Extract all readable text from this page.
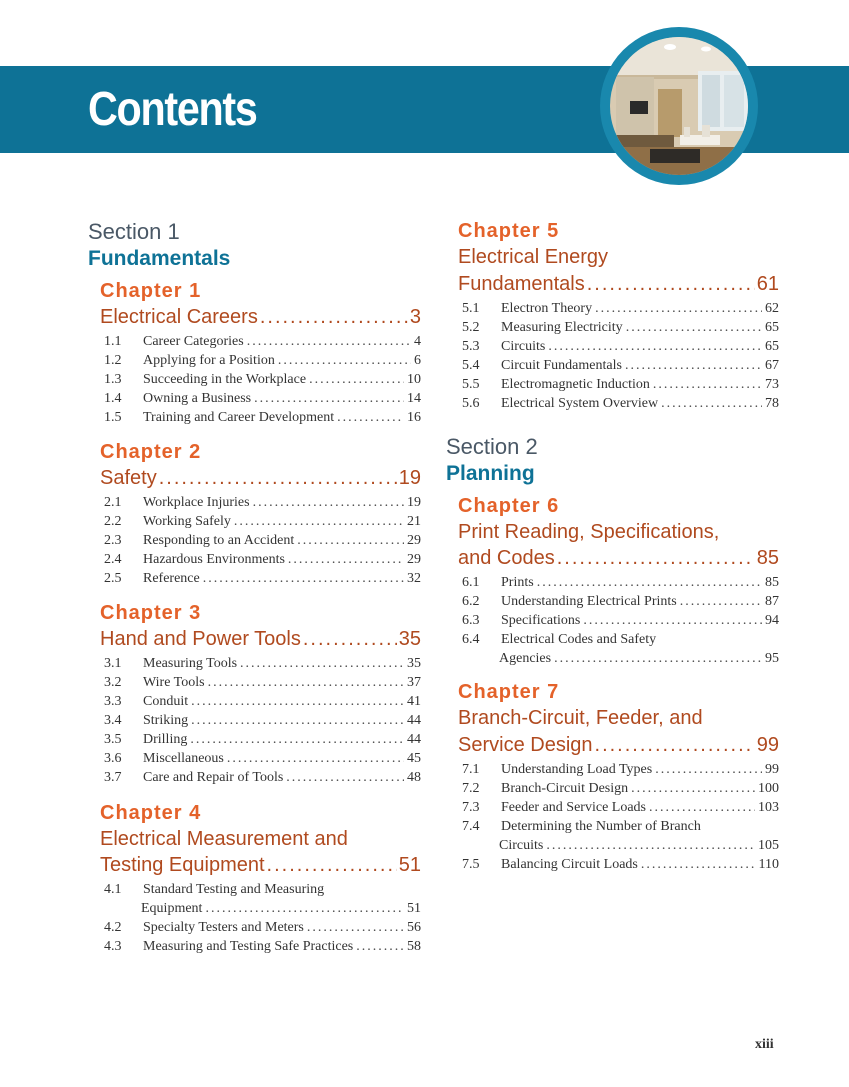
Contents
Section 1
Fundamentals
Chapter 1
Electrical Careers .....	3
1.1	Career Categories .....	4
1.2	Applying for a Position .....	6
1.3	Succeeding in the Workplace .....	10
1.4	Owning a Business .....	14
1.5	Training and Career Development .....	16
Chapter 2
Safety .....	19
2.1	Workplace Injuries .....	19
2.2	Working Safely .....	21
2.3	Responding to an Accident .....	29
2.4	Hazardous Environments .....	29
2.5	Reference .....	32
Chapter 3
Hand and Power Tools .....	35
3.1	Measuring Tools .....	35
3.2	Wire Tools .....	37
3.3	Conduit .....	41
3.4	Striking .....	44
3.5	Drilling .....	44
3.6	Miscellaneous .....	45
3.7	Care and Repair of Tools .....	48
Chapter 4
Electrical Measurement and
Testing Equipment .....	51
4.1	Standard Testing and Measuring
Equipment .....	51
4.2	Specialty Testers and Meters .....	56
4.3	Measuring and Testing Safe Practices .....	58
Chapter 5
Electrical Energy
Fundamentals .....	61
5.1	Electron Theory .....	62
5.2	Measuring Electricity .....	65
5.3	Circuits .....	65
5.4	Circuit Fundamentals .....	67
5.5	Electromagnetic Induction .....	73
5.6	Electrical System Overview .....	78
Section 2
Planning
Chapter 6
Print Reading, Specifications,
and Codes .....	85
6.1	Prints .....	85
6.2	Understanding Electrical Prints .....	87
6.3	Specifications .....	94
6.4	Electrical Codes and Safety
Agencies .....	95
Chapter 7
Branch-Circuit, Feeder, and
Service Design .....	99
7.1	Understanding Load Types .....	99
7.2	Branch-Circuit Design .....	100
7.3	Feeder and Service Loads .....	103
7.4	Determining the Number of Branch
Circuits .....	105
7.5	Balancing Circuit Loads .....	110
xiii
